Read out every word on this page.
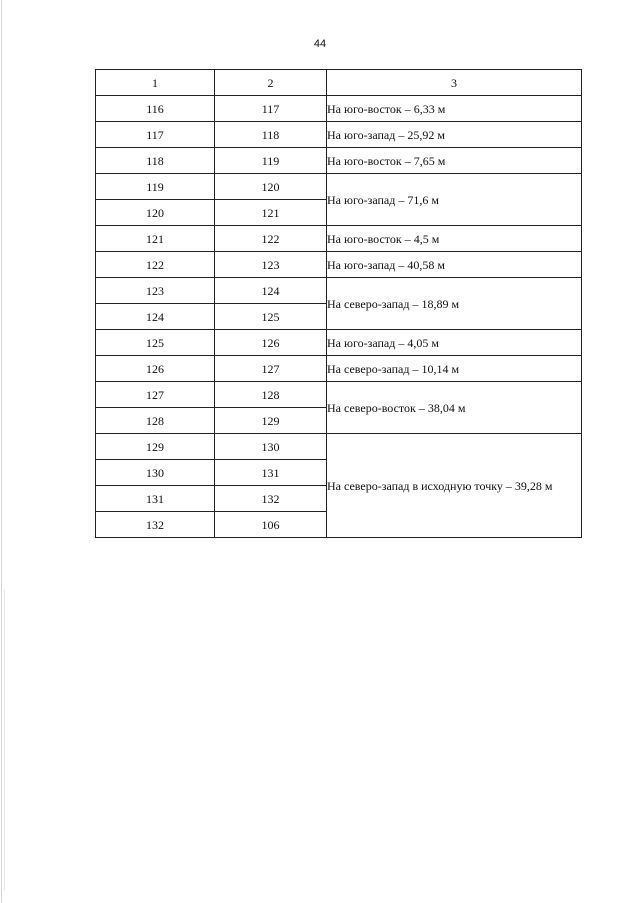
44
1	2	3
116	117	На юго-восток – 6,33 м
117	118	На юго-запад – 25,92 м
118	119	На юго-восток – 7,65 м
119	120	На юго-запад – 71,6 м
120	121	
121	122	На юго-восток – 4,5 м
122	123	На юго-запад – 40,58 м
123	124	На северо-запад – 18,89 м
124	125	
125	126	На юго-запад – 4,05 м
126	127	На северо-запад – 10,14 м
127	128	На северо-восток – 38,04 м
128	129	
129	130	На северо-запад в исходную точку – 39,28 м
130	131	
131	132	
132	106	
